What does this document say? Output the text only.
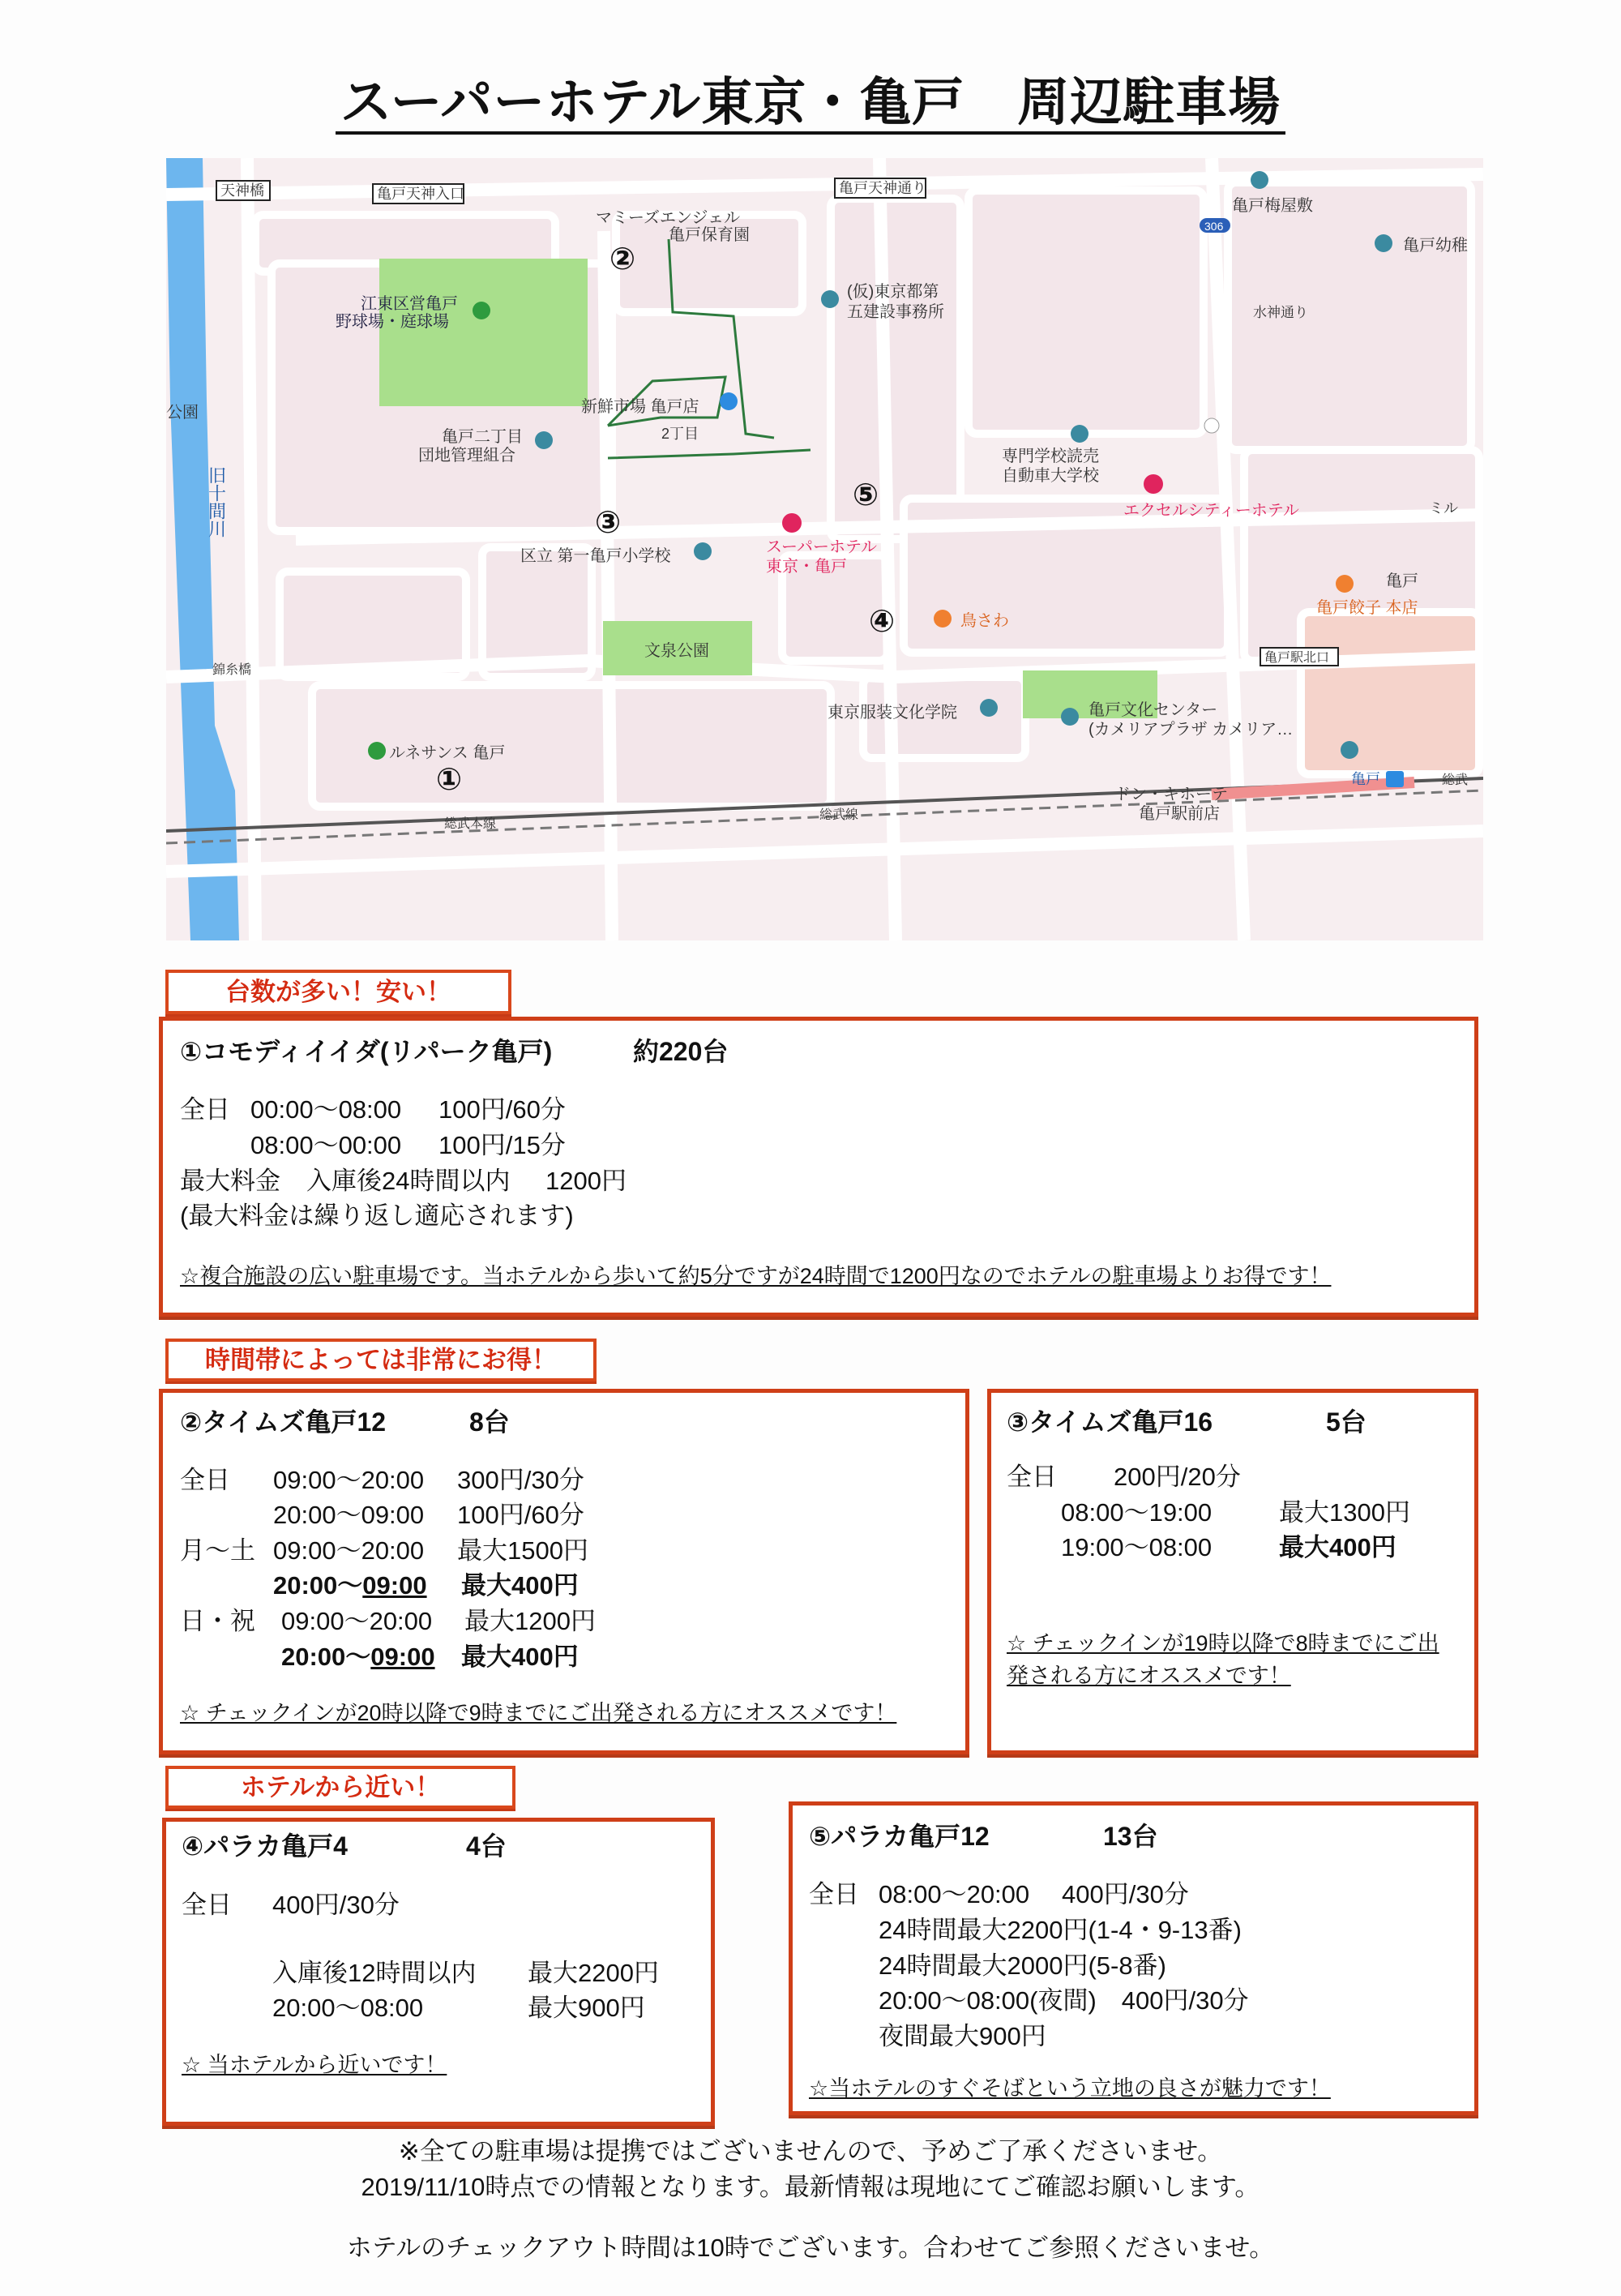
スーパーホテル東京・亀戸　周辺駐車場
天神橋	亀戸天神入口	亀戸天神通り
マミーズエンジェル
亀戸保育園
江東区営亀戸
野球場・庭球場
新鮮市場 亀戸店
2丁目
亀戸二丁目
団地管理組合
旧十間川
公園
区立 第一亀戸小学校	スーパーホテル
東京・亀戸
文泉公園
錦糸橋
ルネサンス 亀戸
総武本線
亀戸梅屋敷
306
亀戸幼稚
(仮)東京都第
五建設事務所	水神通り
専門学校読売
自動車大学校
エクセルシティーホテル	ミル
鳥さわ
亀戸
亀戸餃子 本店
亀戸駅北口
東京服装文化学院	亀戸文化センター
(カメリアプラザ カメリア…
亀戸	総武
総武線
ドン・キホーテ
亀戸駅前店
①
②
③
④
⑤
台数が多い！安い！
①コモディイイダ(リパーク亀戸)	約220台
全日 00:00～08:00 100円/60分
08:00～00:00 100円/15分
最大料金 入庫後24時間以内 1200円
(最大料金は繰り返し適応されます)
☆複合施設の広い駐車場です。当ホテルから歩いて約5分ですが24時間で1200円なのでホテルの駐車場よりお得です！
時間帯によっては非常にお得！
②タイムズ亀戸12	8台
全日 09:00～20:00 300円/30分
20:00～09:00 100円/60分
月～土 09:00～20:00 最大1500円
20:00～09:00 最大400円
日・祝 09:00～20:00 最大1200円
20:00～09:00 最大400円
☆ チェックインが20時以降で9時までにご出発される方にオススメです！
③タイムズ亀戸16	5台
全日 200円/20分
08:00～19:00	最大1300円
19:00～08:00	最大400円
☆ チェックインが19時以降で8時までにご出
発される方にオススメです！
ホテルから近い！
④パラカ亀戸4	4台
全日 400円/30分
入庫後12時間以内 最大2200円
20:00～08:00	最大900円
☆ 当ホテルから近いです！
⑤パラカ亀戸12	13台
全日 08:00～20:00 400円/30分
24時間最大2200円(1-4・9-13番)
24時間最大2000円(5-8番)
20:00～08:00(夜間)　400円/30分
夜間最大900円
☆当ホテルのすぐそばという立地の良さが魅力です！
※全ての駐車場は提携ではございませんので、予めご了承くださいませ。
2019/11/10時点での情報となります。最新情報は現地にてご確認お願いします。
ホテルのチェックアウト時間は10時でございます。合わせてご参照くださいませ。
